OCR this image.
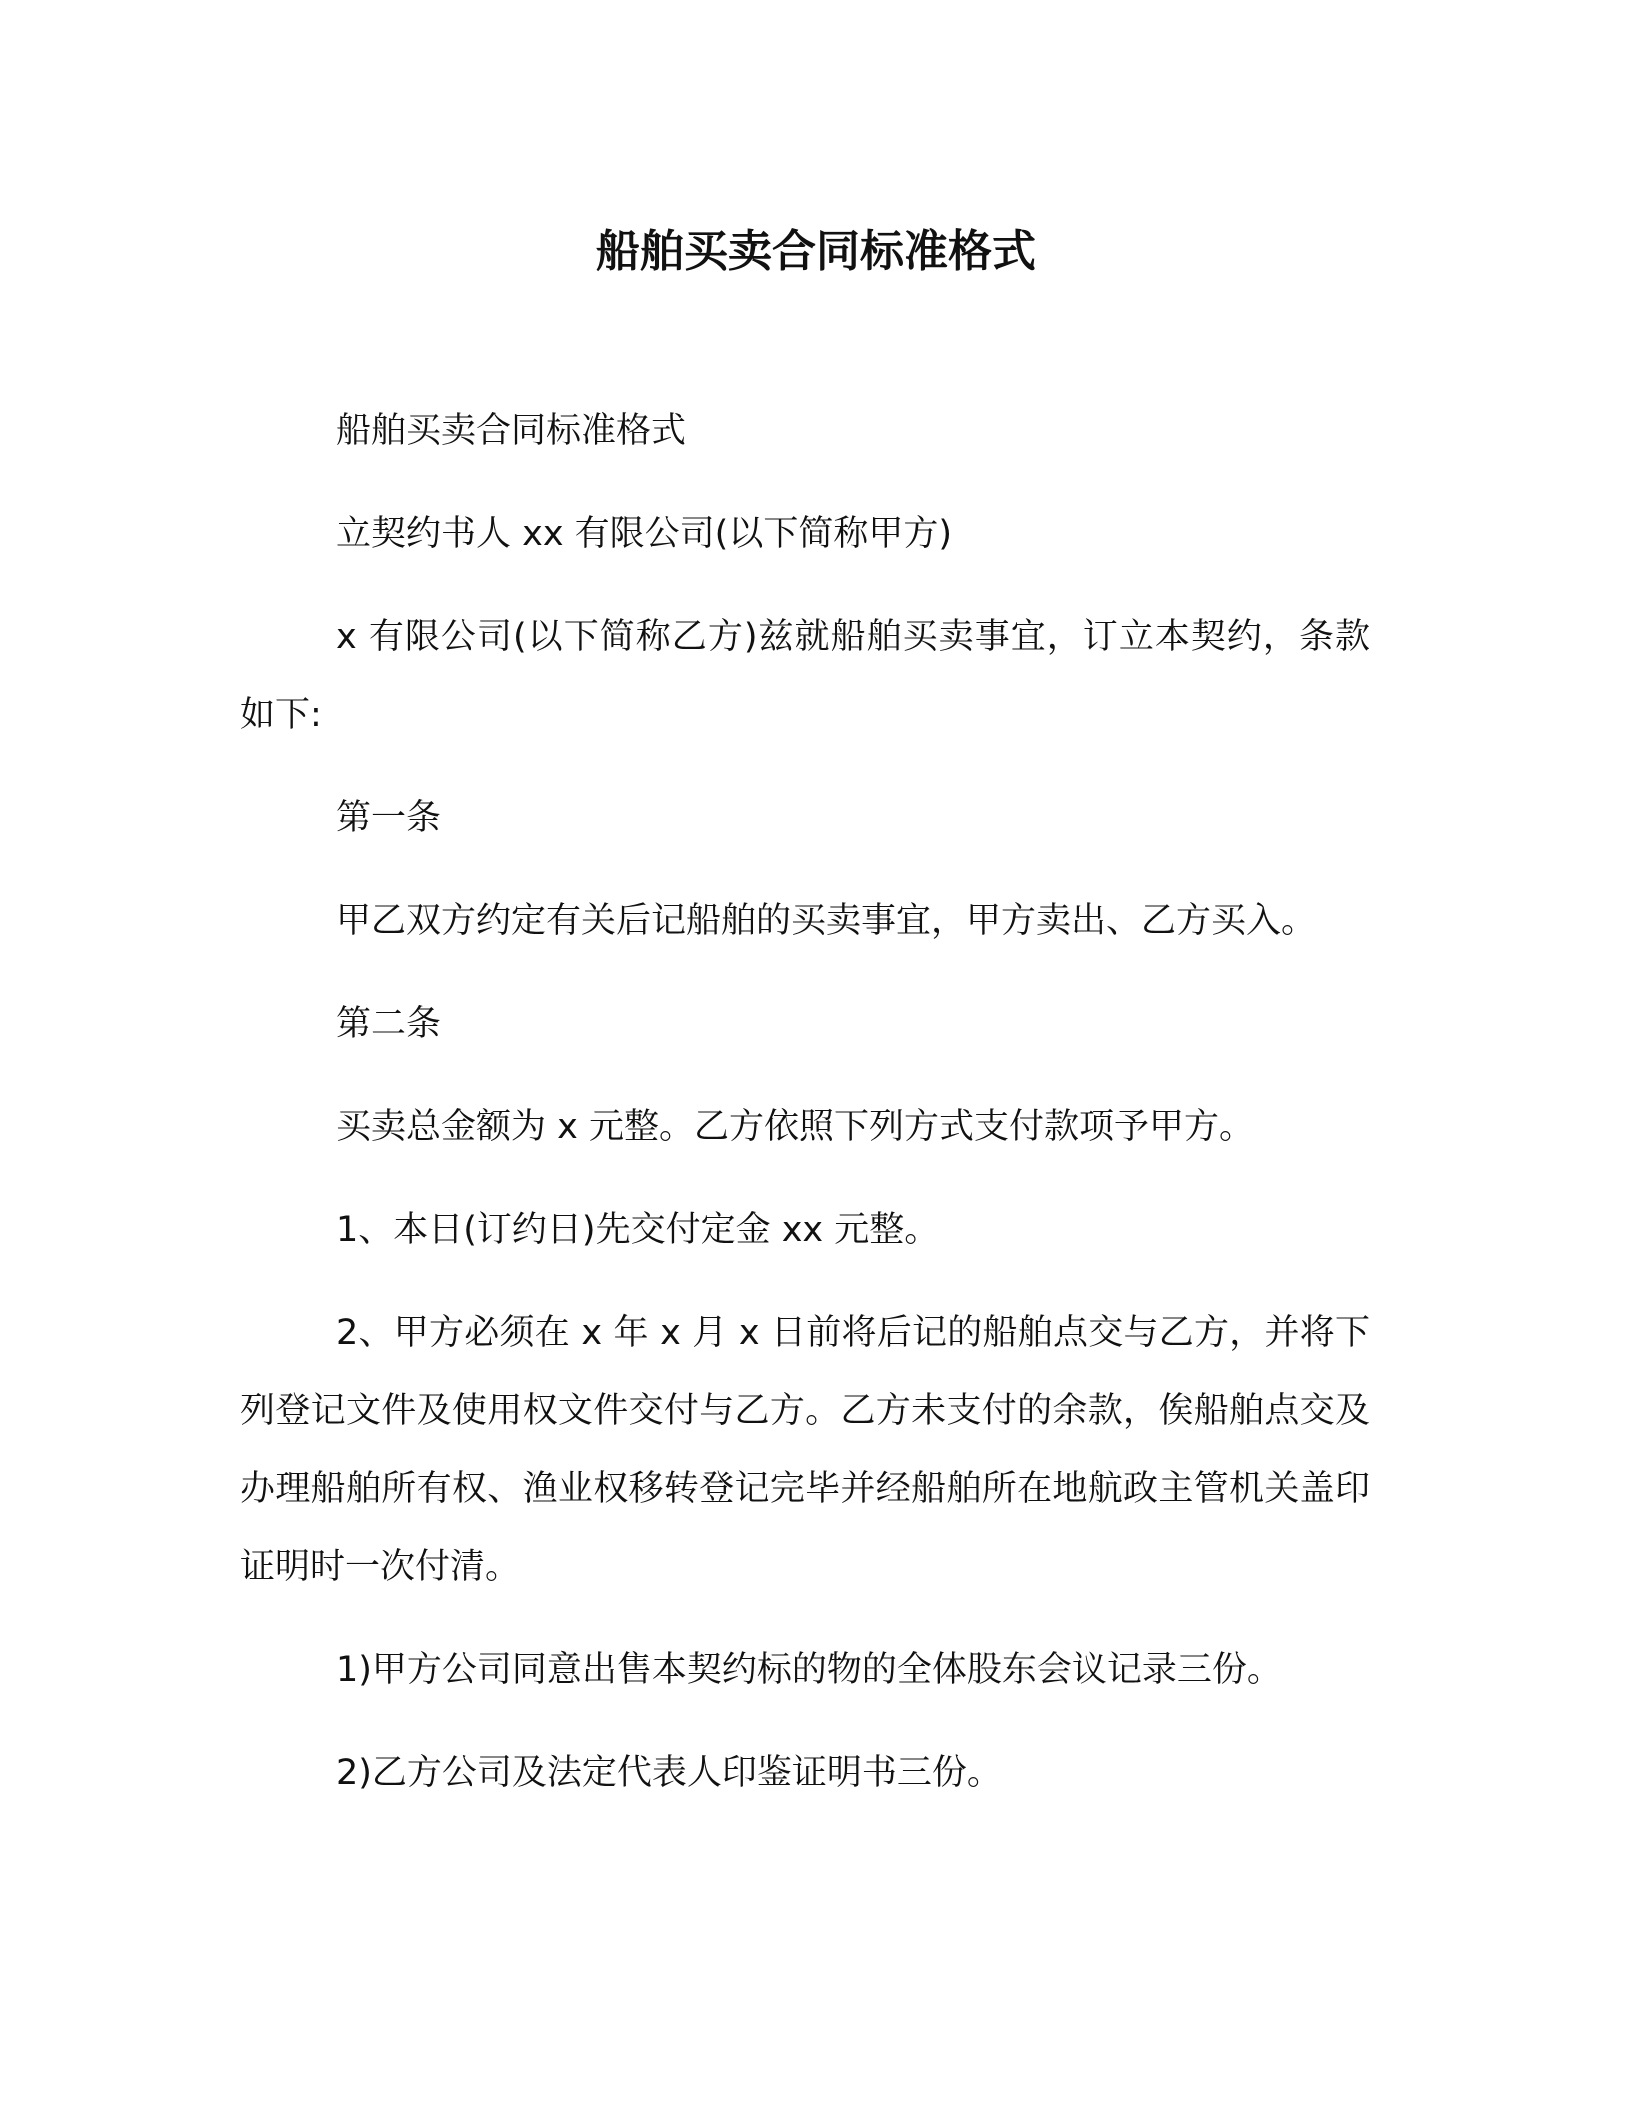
船舶买卖合同标准格式

船舶买卖合同标准格式

立契约书人 xx 有限公司(以下简称甲方)

x 有限公司(以下简称乙方)兹就船舶买卖事宜，订立本契约，条款如下:

第一条

甲乙双方约定有关后记船舶的买卖事宜，甲方卖出、乙方买入。

第二条

买卖总金额为 x 元整。乙方依照下列方式支付款项予甲方。

1、本日(订约日)先交付定金 xx 元整。

2、甲方必须在 x 年 x 月 x 日前将后记的船舶点交与乙方，并将下列登记文件及使用权文件交付与乙方。乙方未支付的余款，俟船舶点交及办理船舶所有权、渔业权移转登记完毕并经船舶所在地航政主管机关盖印证明时一次付清。

1)甲方公司同意出售本契约标的物的全体股东会议记录三份。

2)乙方公司及法定代表人印鉴证明书三份。
